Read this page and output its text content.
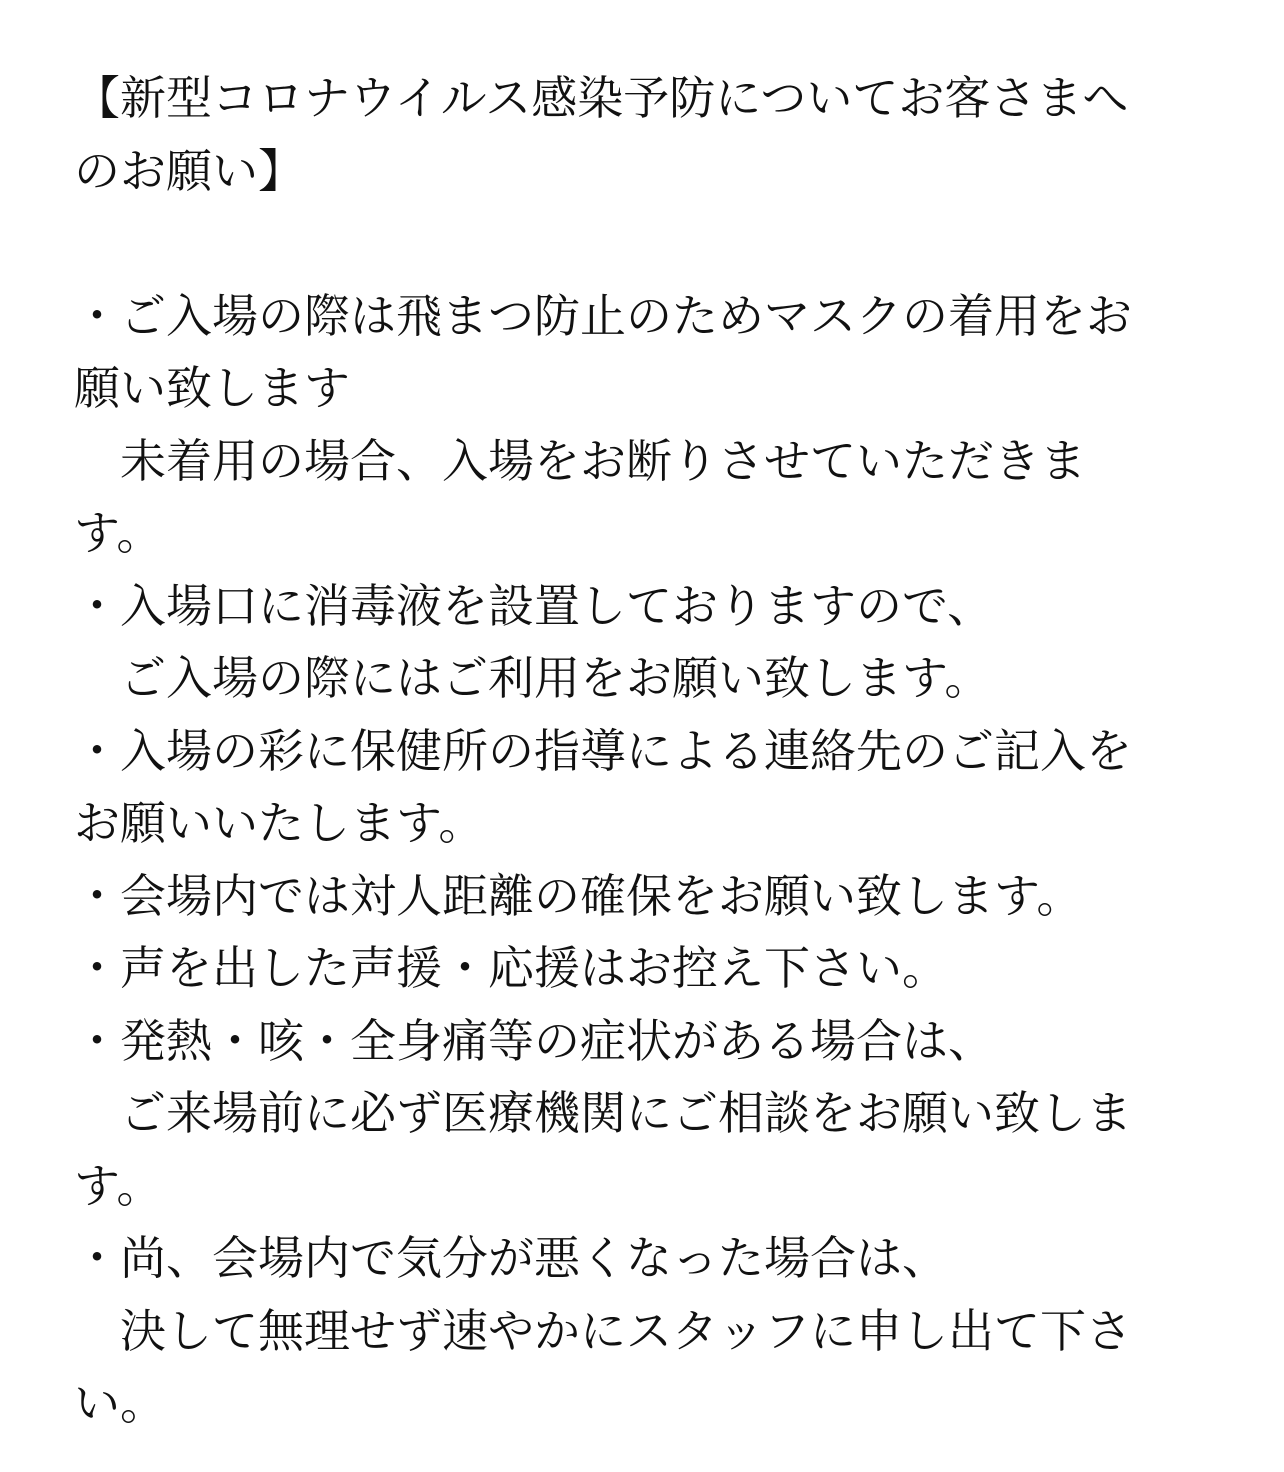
【新型コロナウイルス感染予防についてお客さまへ
のお願い】
・ご入場の際は飛まつ防止のためマスクの着用をお
願い致します
　未着用の場合、入場をお断りさせていただきま
す。
・入場口に消毒液を設置しておりますので、
　ご入場の際にはご利用をお願い致します。
・入場の彩に保健所の指導による連絡先のご記入を
お願いいたします。
・会場内では対人距離の確保をお願い致します。
・声を出した声援・応援はお控え下さい。
・発熱・咳・全身痛等の症状がある場合は、
　ご来場前に必ず医療機関にご相談をお願い致しま
す。
・尚、会場内で気分が悪くなった場合は、
　決して無理せず速やかにスタッフに申し出て下さ
い。
